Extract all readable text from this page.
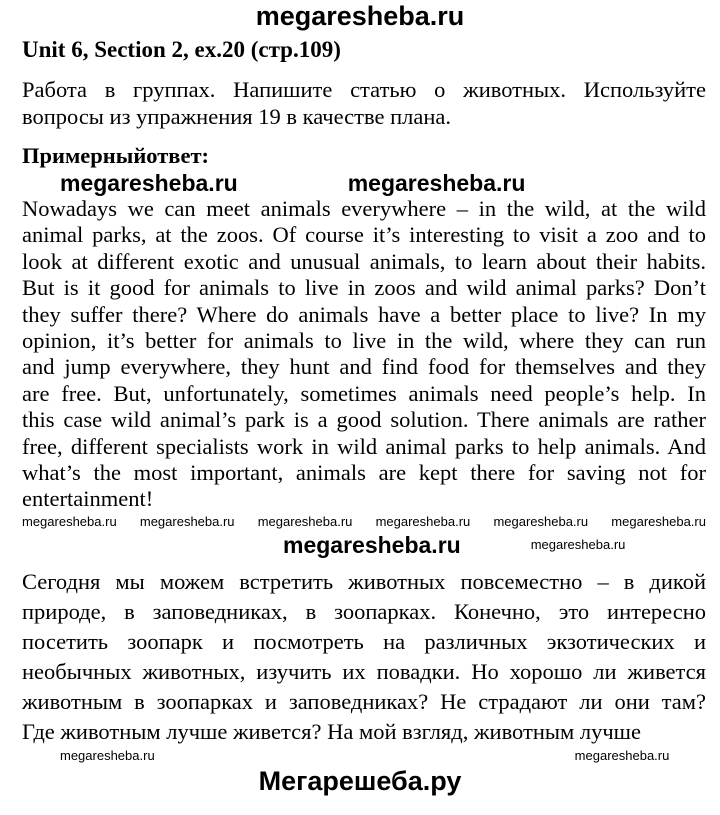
megaresheba.ru
Unit 6, Section 2, ex.20 (стр.109)
Работа в группах. Напишите статью о животных. Используйте
вопросы из упражнения 19 в качестве плана.
Примерныйответ:
megaresheba.ru	megaresheba.ru
Nowadays we can meet animals everywhere – in the wild, at the wild
animal parks, at the zoos. Of course it’s interesting to visit a zoo and to
look at different exotic and unusual animals, to learn about their habits.
But is it good for animals to live in zoos and wild animal parks? Don’t
they suffer there? Where do animals have a better place to live? In my
opinion, it’s better for animals to live in the wild, where they can run
and jump everywhere, they hunt and find food for themselves and they
are free. But, unfortunately, sometimes animals need people’s help. In
this case wild animal’s park is a good solution. There animals are rather
free, different specialists work in wild animal parks to help animals. And
what’s the most important, animals are kept there for saving not for
entertainment!
megaresheba.ru megaresheba.ru megaresheba.ru megaresheba.ru megaresheba.ru megaresheba.ru
megaresheba.ru	megaresheba.ru
Сегодня мы можем встретить животных повсеместно – в дикой
природе, в заповедниках, в зоопарках. Конечно, это интересно
посетить зоопарк и посмотреть на различных экзотических и
необычных животных, изучить их повадки. Но хорошо ли живется
животным в зоопарках и заповедниках? Не страдают ли они там?
Где животным лучше живется? На мой взгляд, животным лучше
megaresheba.ru	megaresheba.ru
Мегарешеба.ру
